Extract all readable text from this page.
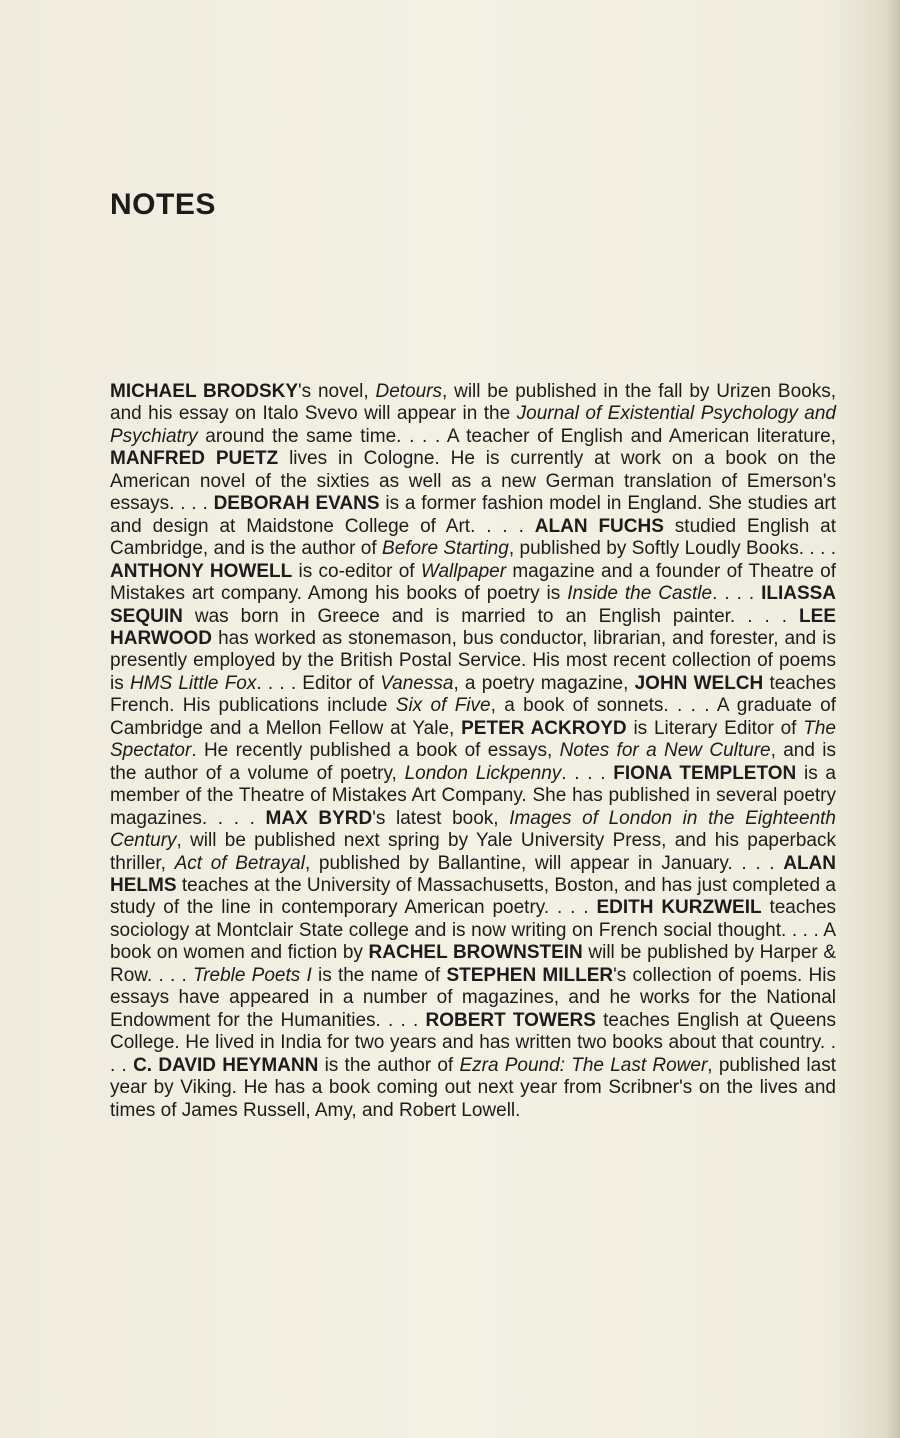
NOTES

MICHAEL BRODSKY's novel, Detours, will be published in the fall by Urizen Books, and his essay on Italo Svevo will appear in the Journal of Existential Psychology and Psychiatry around the same time. . . . A teacher of English and American literature, MANFRED PUETZ lives in Cologne. He is currently at work on a book on the American novel of the sixties as well as a new German translation of Emerson's essays. . . . DEBORAH EVANS is a former fashion model in England. She studies art and design at Maidstone College of Art. . . . ALAN FUCHS studied English at Cambridge, and is the author of Before Starting, published by Softly Loudly Books. . . . ANTHONY HOWELL is co-editor of Wallpaper magazine and a founder of Theatre of Mistakes art company. Among his books of poetry is Inside the Castle. . . . ILIASSA SEQUIN was born in Greece and is married to an English painter. . . . LEE HARWOOD has worked as stonemason, bus conductor, librarian, and forester, and is presently employed by the British Postal Service. His most recent collection of poems is HMS Little Fox. . . . Editor of Vanessa, a poetry magazine, JOHN WELCH teaches French. His publications include Six of Five, a book of sonnets. . . . A graduate of Cambridge and a Mellon Fellow at Yale, PETER ACKROYD is Literary Editor of The Spectator. He recently published a book of essays, Notes for a New Culture, and is the author of a volume of poetry, London Lickpenny. . . . FIONA TEMPLETON is a member of the Theatre of Mistakes Art Company. She has published in several poetry magazines. . . . MAX BYRD's latest book, Images of London in the Eighteenth Century, will be published next spring by Yale University Press, and his paperback thriller, Act of Betrayal, published by Ballantine, will appear in January. . . . ALAN HELMS teaches at the University of Massachusetts, Boston, and has just completed a study of the line in contemporary American poetry. . . . EDITH KURZWEIL teaches sociology at Montclair State college and is now writing on French social thought. . . . A book on women and fiction by RACHEL BROWNSTEIN will be published by Harper & Row. . . . Treble Poets I is the name of STEPHEN MILLER's collection of poems. His essays have appeared in a number of magazines, and he works for the National Endowment for the Humanities. . . . ROBERT TOWERS teaches English at Queens College. He lived in India for two years and has written two books about that country. . . . C. DAVID HEYMANN is the author of Ezra Pound: The Last Rower, published last year by Viking. He has a book coming out next year from Scribner's on the lives and times of James Russell, Amy, and Robert Lowell.
